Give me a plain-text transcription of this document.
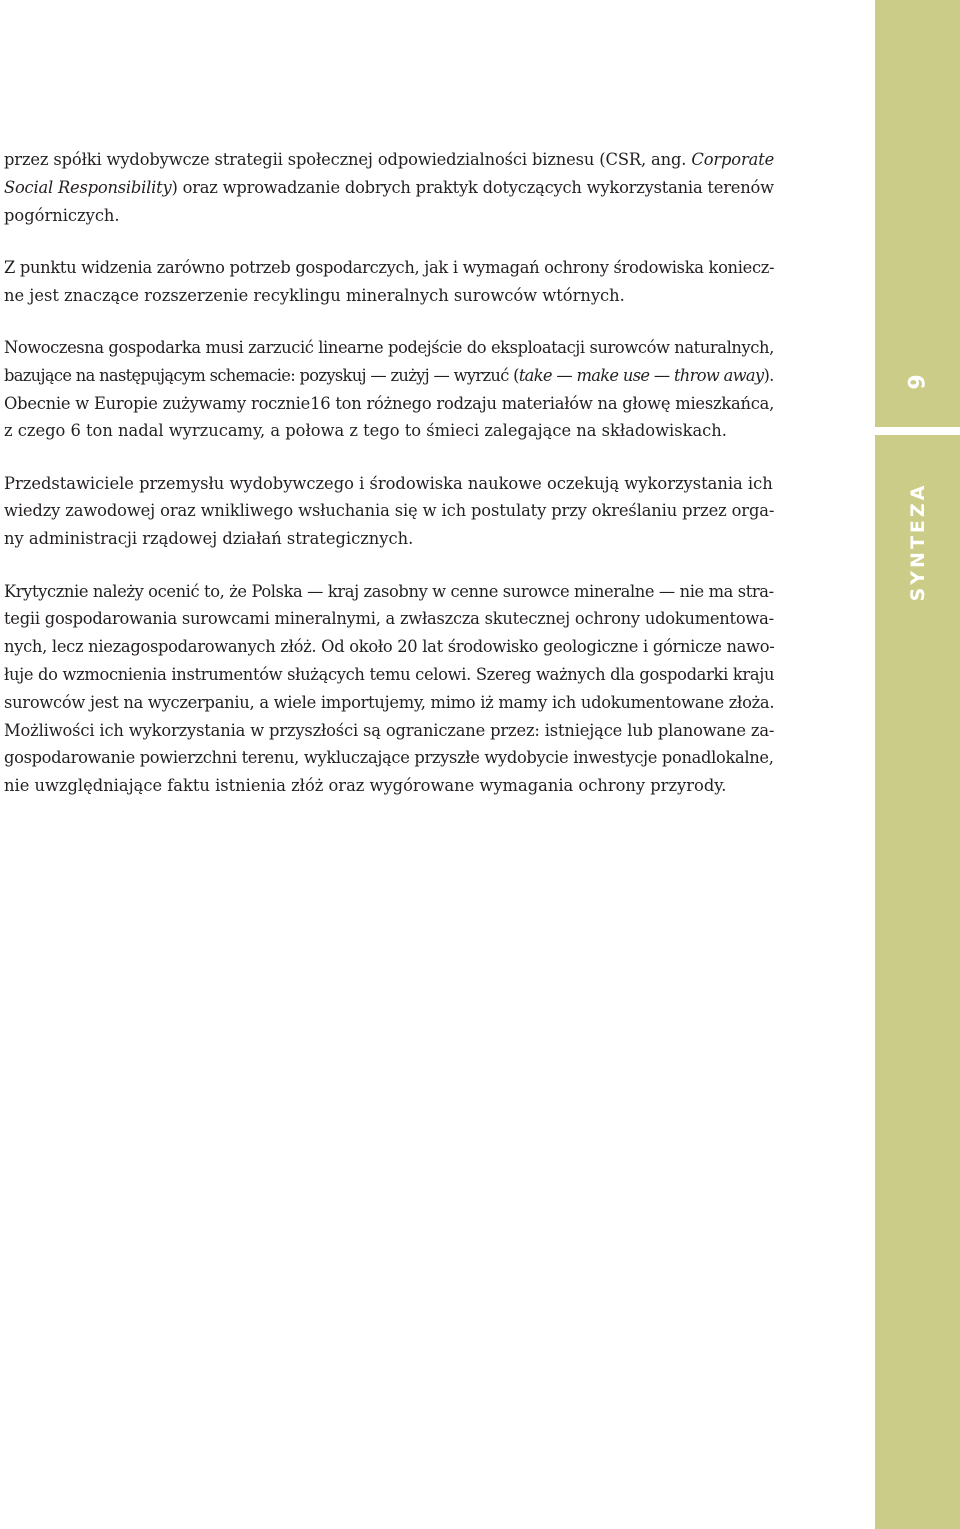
9
SYNTEZA

przez spółki wydobywcze strategii społecznej odpowiedzialności biznesu (CSR, ang. Corporate
Social Responsibility) oraz wprowadzanie dobrych praktyk dotyczących wykorzystania terenów
pogórniczych.

Z punktu widzenia zarówno potrzeb gospodarczych, jak i wymagań ochrony środowiska koniecz-
ne jest znaczące rozszerzenie recyklingu mineralnych surowców wtórnych.

Nowoczesna gospodarka musi zarzucić linearne podejście do eksploatacji surowców naturalnych,
bazujące na następującym schemacie: pozyskuj — zużyj — wyrzuć (take — make use — throw away).
Obecnie w Europie zużywamy rocznie16 ton różnego rodzaju materiałów na głowę mieszkańca,
z czego 6 ton nadal wyrzucamy, a połowa z tego to śmieci zalegające na składowiskach.

Przedstawiciele przemysłu wydobywczego i środowiska naukowe oczekują wykorzystania ich
wiedzy zawodowej oraz wnikliwego wsłuchania się w ich postulaty przy określaniu przez orga-
ny administracji rządowej działań strategicznych.

Krytycznie należy ocenić to, że Polska — kraj zasobny w cenne surowce mineralne — nie ma stra-
tegii gospodarowania surowcami mineralnymi, a zwłaszcza skutecznej ochrony udokumentowa-
nych, lecz niezagospodarowanych złóż. Od około 20 lat środowisko geologiczne i górnicze nawo-
łuje do wzmocnienia instrumentów służących temu celowi. Szereg ważnych dla gospodarki kraju
surowców jest na wyczerpaniu, a wiele importujemy, mimo iż mamy ich udokumentowane złoża.
Możliwości ich wykorzystania w przyszłości są ograniczane przez: istniejące lub planowane za-
gospodarowanie powierzchni terenu, wykluczające przyszłe wydobycie inwestycje ponadlokalne,
nie uwzględniające faktu istnienia złóż oraz wygórowane wymagania ochrony przyrody.
